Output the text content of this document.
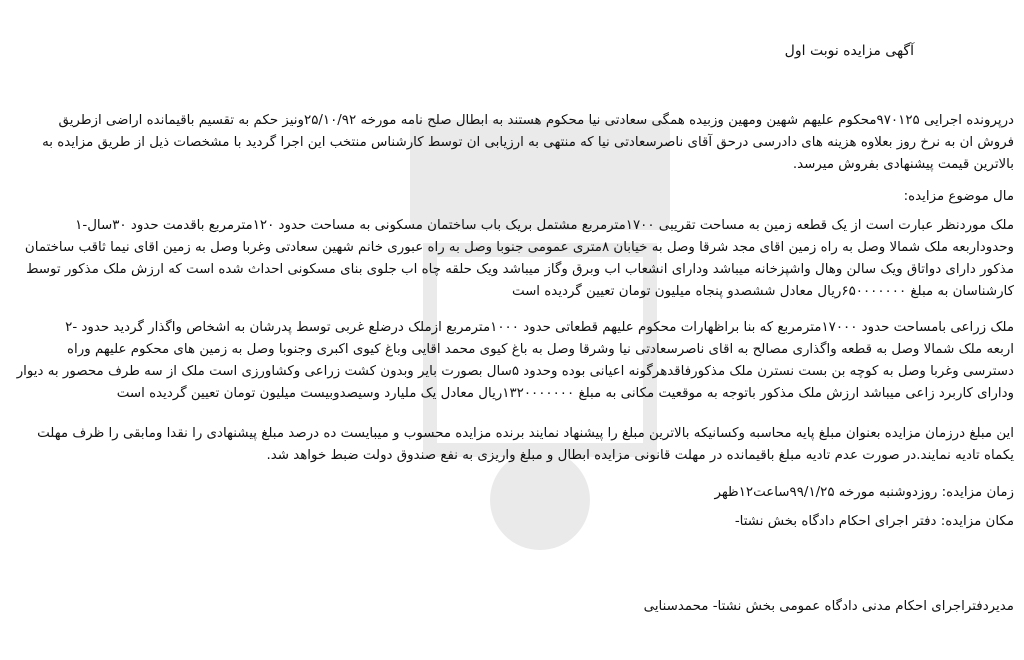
آگهی مزایده نوبت اول
درپرونده اجرایی ۹۷۰۱۲۵محکوم علیهم شهین ومهین وزبیده همگی سعادتی نیا محکوم هستند به ابطال صلح نامه مورخه ۲۵/۱۰/۹۲ونیز حکم به تقسیم باقیمانده اراضی ازطریق
فروش ان به نرخ روز بعلاوه هزینه های دادرسی درحق آقای ناصرسعادتی نیا که منتهی به ارزیابی ان توسط کارشناس منتخب این اجرا گردید با مشخصات ذیل از طریق مزایده به
بالاترین قیمت پیشنهادی بفروش میرسد.
مال موضوع مزایده:
ملک موردنظر عبارت است از یک قطعه زمین به مساحت تقریبی ۱۷۰۰مترمربع مشتمل بریک باب ساختمان مسکونی به مساحت حدود ۱۲۰مترمربع باقدمت حدود ۳۰سال-۱
وحدوداربعه ملک شمالا وصل به راه زمین اقای مجد شرقا وصل به خیابان ۸متری عمومی جنوبا وصل به راه عبوری خانم شهین سعادتی وغربا وصل به زمین اقای نیما ثاقب ساختمان
مذکور دارای دواتاق ویک سالن وهال واشپزخانه میباشد ودارای انشعاب اب وبرق وگاز میباشد ویک حلقه چاه اب جلوی بنای مسکونی احداث شده است که ارزش ملک مذکور توسط
کارشناسان به مبلغ ۶۵۰۰۰۰۰۰۰ریال معادل ششصدو پنجاه میلیون تومان تعیین گردیده است
ملک زراعی بامساحت حدود ۱۷۰۰۰مترمربع که بنا براظهارات محکوم علیهم قطعاتی حدود ۱۰۰۰مترمربع ازملک درضلع غربی توسط پدرشان به اشخاص واگذار گردید حدود -۲
اربعه ملک شمالا وصل به قطعه واگذاری مصالح به اقای ناصرسعادتی نیا وشرقا وصل به باغ کیوی محمد اقایی وباغ کیوی اکبری وجنوبا وصل به زمین های محکوم علیهم وراه
دسترسی وغربا وصل به کوچه بن بست نسترن ملک مذکورفاقدهرگونه اعیانی بوده وحدود ۵سال بصورت بایر وبدون کشت زراعی وکشاورزی است ملک از سه طرف محصور به دیوار
ودارای کاربرد زاعی میباشد ارزش ملک مذکور باتوجه به موقعیت مکانی به مبلغ ۱۳۲۰۰۰۰۰۰۰ریال معادل یک ملیارد وسیصدوبیست میلیون تومان تعیین گردیده است
این مبلغ درزمان مزایده بعنوان مبلغ پایه محاسبه وکسانیکه بالاترین مبلغ را پیشنهاد نمایند برنده مزایده محسوب و میبایست ده درصد مبلغ پیشنهادی را نقدا ومابقی را ظرف مهلت
یکماه تادیه نمایند.در صورت عدم تادیه مبلغ باقیمانده در مهلت قانونی مزایده ابطال و مبلغ واریزی به نفع صندوق دولت ضبط خواهد شد.
زمان مزایده: روزدوشنبه مورخه ۹۹/۱/۲۵ساعت۱۲ظهر
مکان مزایده: دفتر اجرای احکام دادگاه بخش نشتا-
مدیردفتراجرای احکام مدنی دادگاه عمومی بخش نشتا- محمدسنایی
